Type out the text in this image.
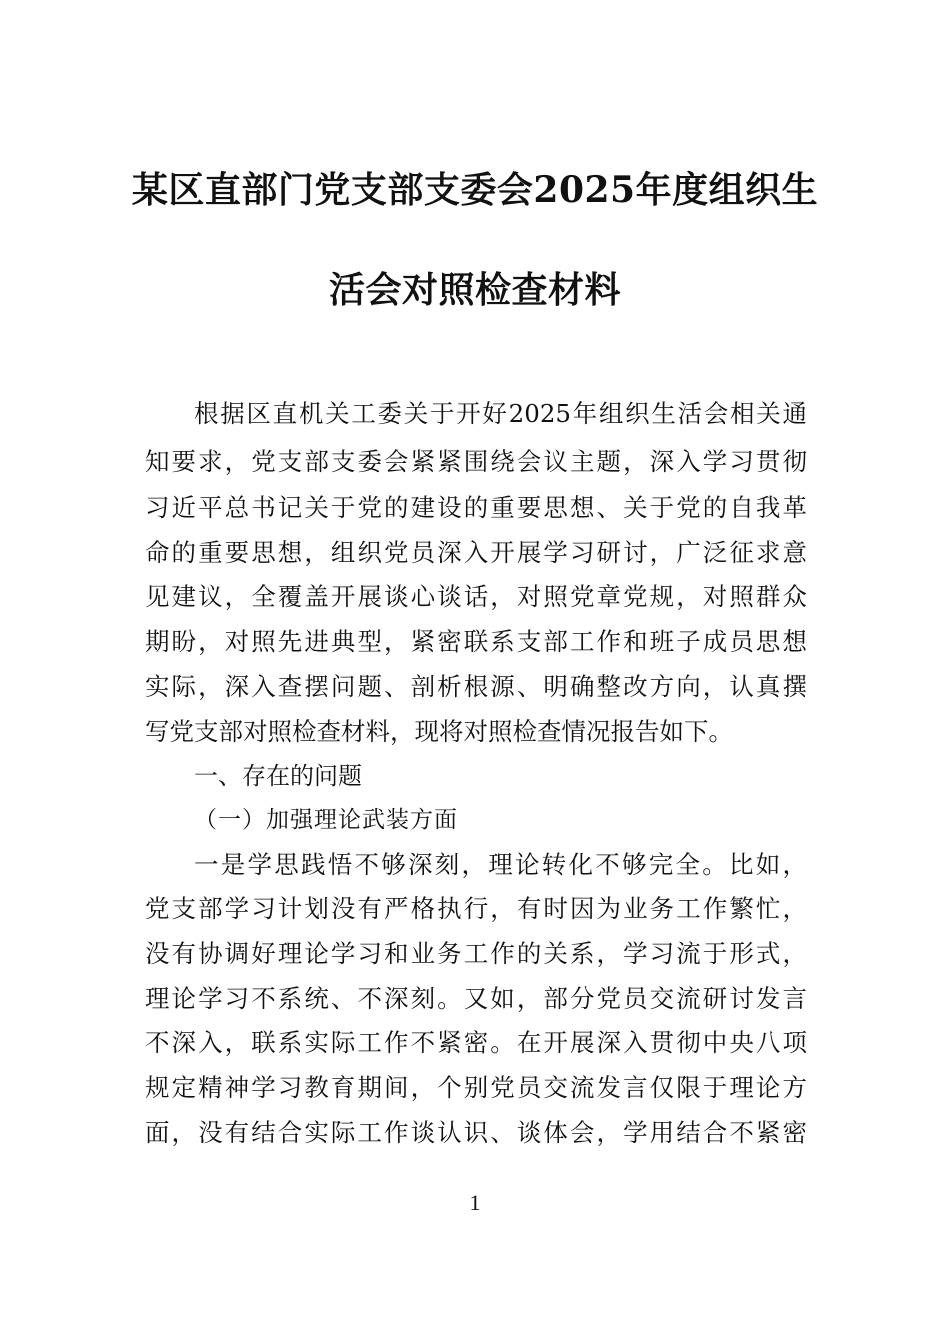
某区直部门党支部支委会2025年度组织生
活会对照检查材料
根据区直机关工委关于开好2025年组织生活会相关通
知要求，党支部支委会紧紧围绕会议主题，深入学习贯彻
习近平总书记关于党的建设的重要思想、关于党的自我革
命的重要思想，组织党员深入开展学习研讨，广泛征求意
见建议，全覆盖开展谈心谈话，对照党章党规，对照群众
期盼，对照先进典型，紧密联系支部工作和班子成员思想
实际，深入查摆问题、剖析根源、明确整改方向，认真撰
写党支部对照检查材料，现将对照检查情况报告如下。
一、存在的问题
（一）加强理论武装方面
一是学思践悟不够深刻，理论转化不够完全。比如，
党支部学习计划没有严格执行，有时因为业务工作繁忙，
没有协调好理论学习和业务工作的关系，学习流于形式，
理论学习不系统、不深刻。又如，部分党员交流研讨发言
不深入，联系实际工作不紧密。在开展深入贯彻中央八项
规定精神学习教育期间，个别党员交流发言仅限于理论方
面，没有结合实际工作谈认识、谈体会，学用结合不紧密
1
